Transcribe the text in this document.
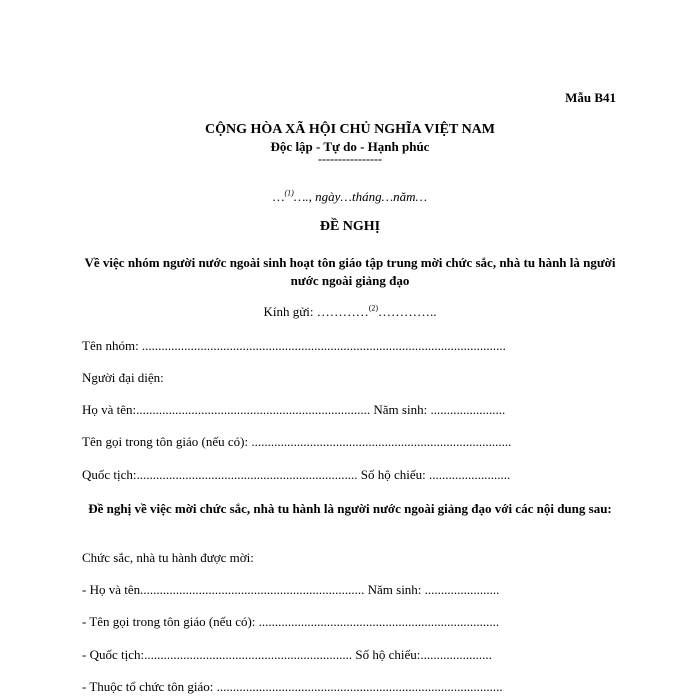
Mẫu B41
CỘNG HÒA XÃ HỘI CHỦ NGHĨA VIỆT NAM
Độc lập - Tự do - Hạnh phúc
----------------
…$^{(1)}$…., ngày…tháng…năm…
ĐỀ NGHỊ
Về việc nhóm người nước ngoài sinh hoạt tôn giáo tập trung mời chức sắc, nhà tu hành là người nước ngoài giảng đạo
Kính gửi: …………$^{(2)}$…………..
Tên nhóm: ................................................................................................................
Người đại diện:
Họ và tên:........................................................................ Năm sinh: .......................
Tên gọi trong tôn giáo (nếu có): ................................................................................
Quốc tịch:.................................................................... Số hộ chiếu: .........................
Đề nghị về việc mời chức sắc, nhà tu hành là người nước ngoài giảng đạo với các nội dung sau:
Chức sắc, nhà tu hành được mời:
- Họ và tên..................................................................... Năm sinh: .......................
- Tên gọi trong tôn giáo (nếu có): ..........................................................................
- Quốc tịch:................................................................ Số hộ chiếu:......................
- Thuộc tổ chức tôn giáo: ........................................................................................
